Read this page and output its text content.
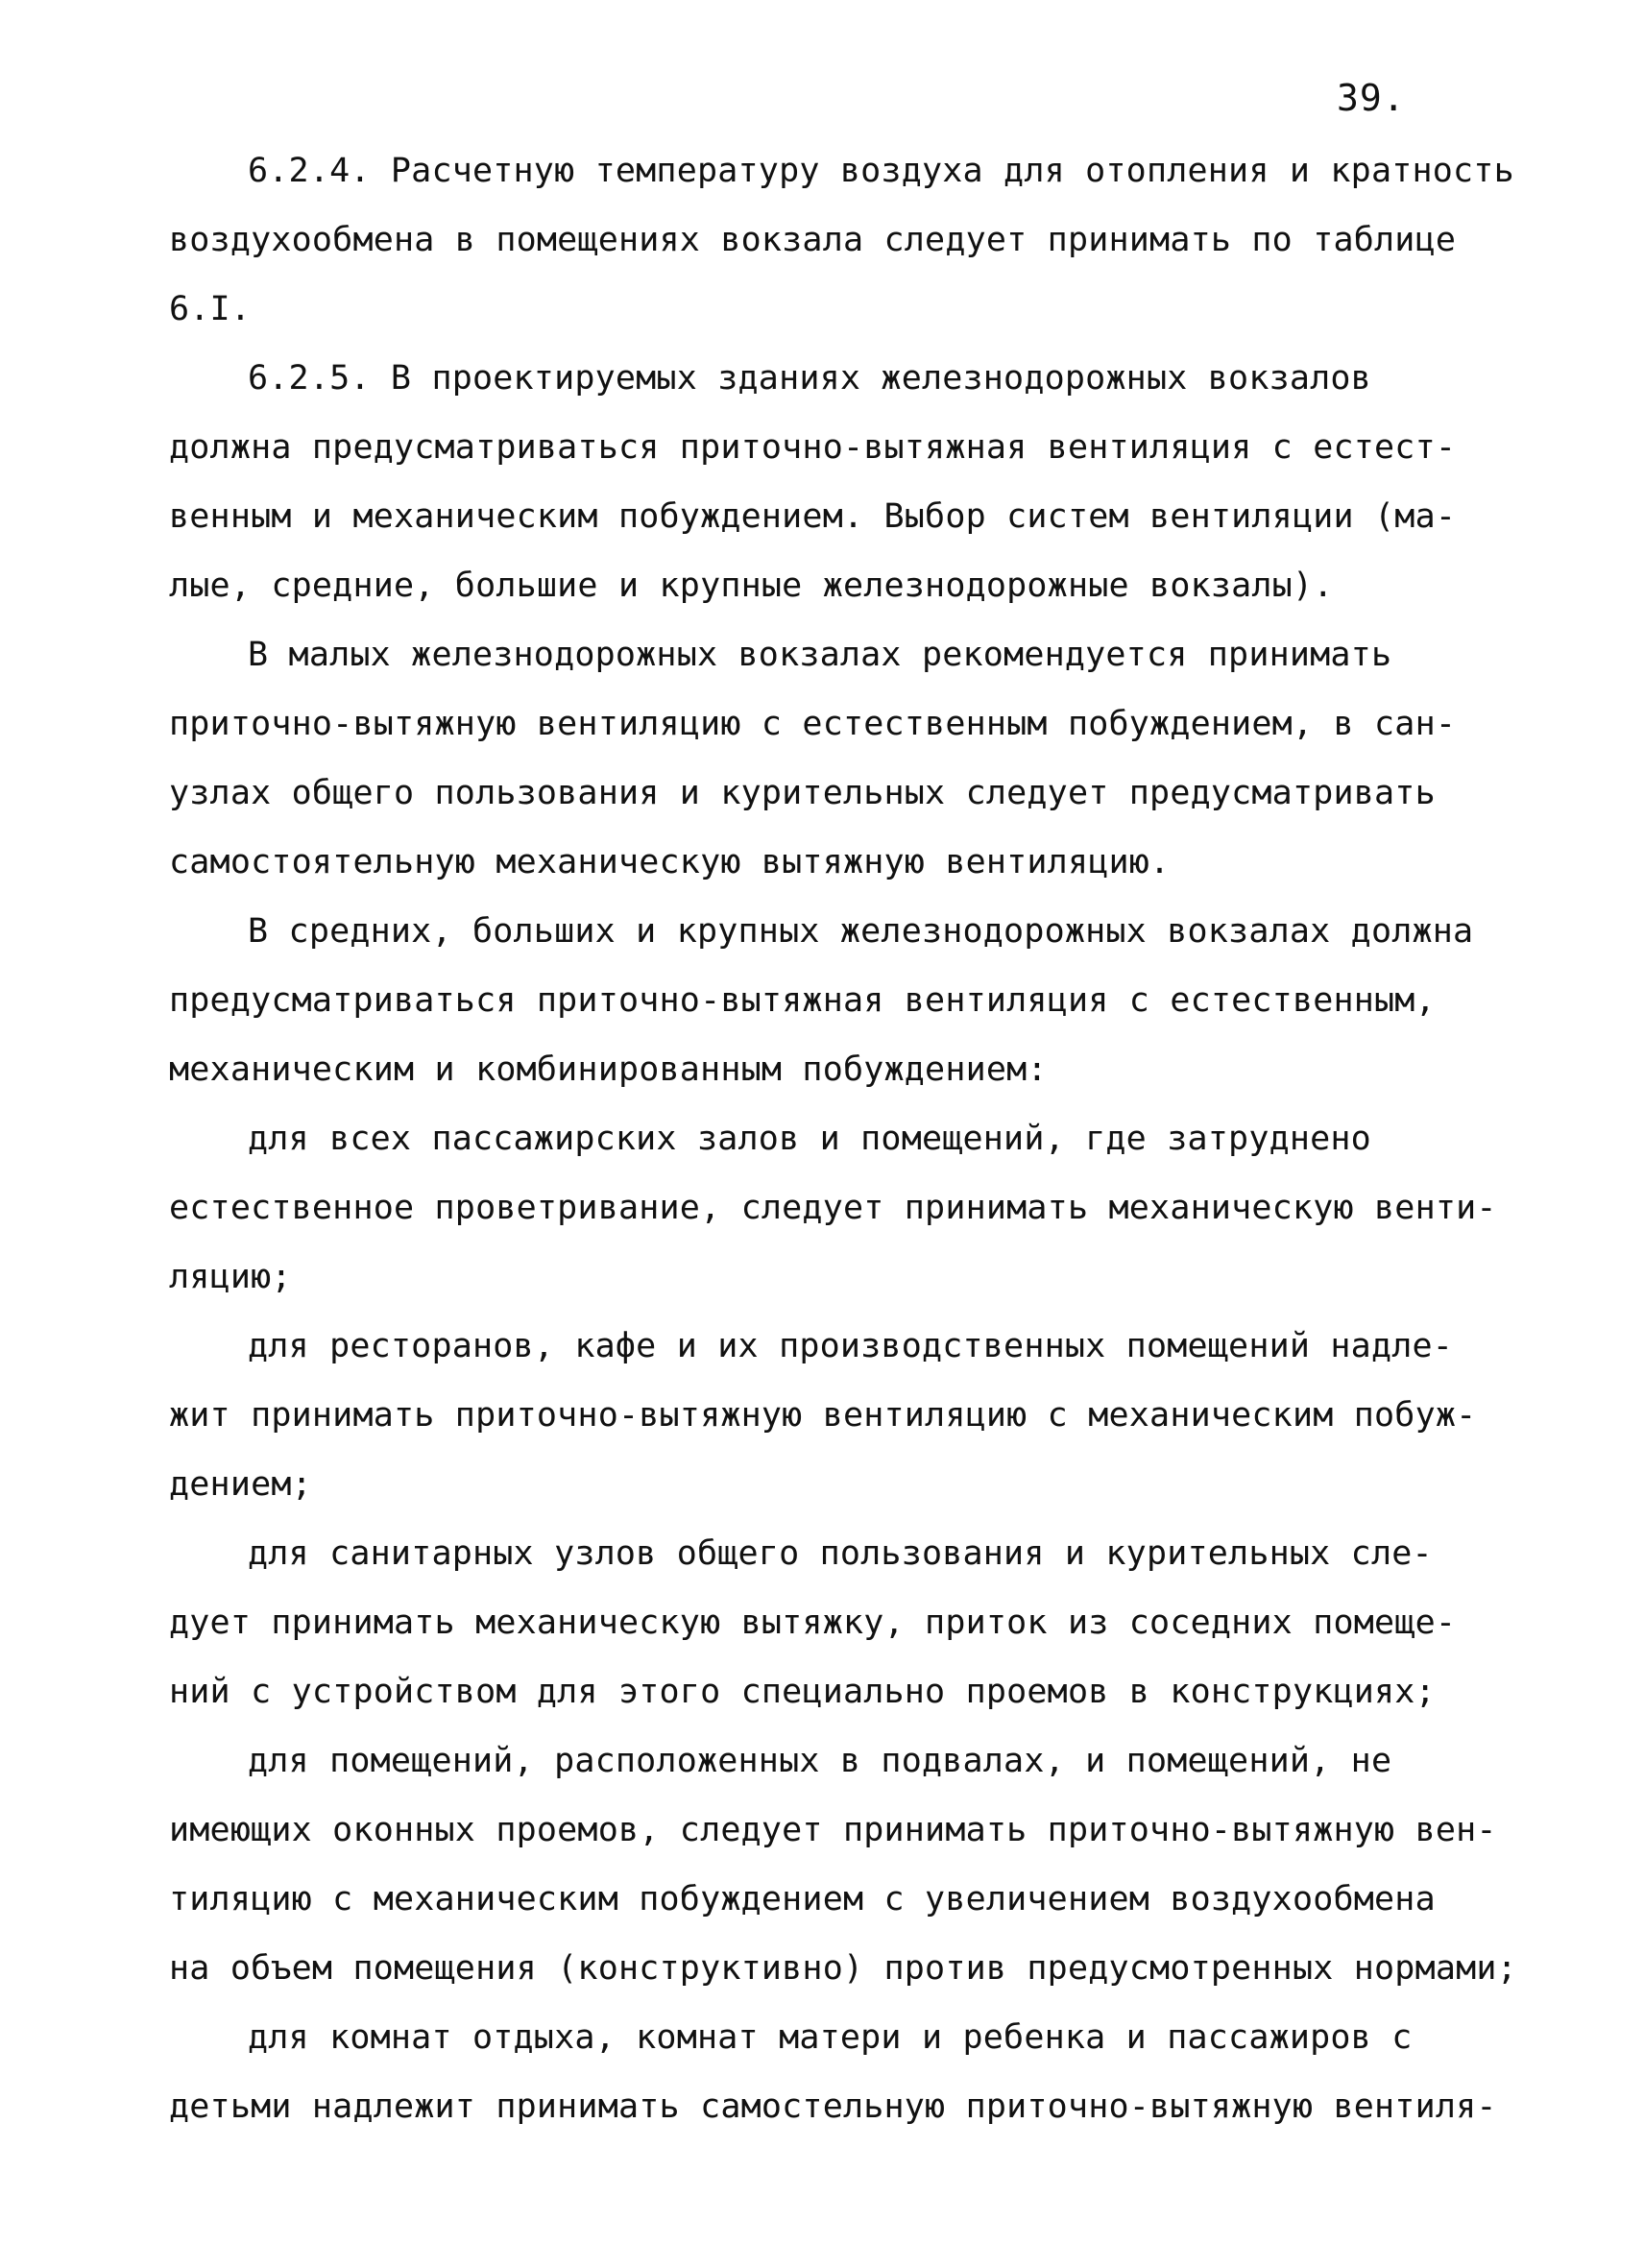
39.
6.2.4. Расчетную температуру воздуха для отопления и кратность
воздухообмена в помещениях вокзала следует принимать по таблице
6.I.
6.2.5. В проектируемых зданиях железнодорожных вокзалов
должна предусматриваться приточно-вытяжная вентиляция с естест-
венным и механическим побуждением. Выбор систем вентиляции (ма-
лые, средние, большие и крупные железнодорожные вокзалы).
В малых железнодорожных вокзалах рекомендуется принимать
приточно-вытяжную вентиляцию с естественным побуждением, в сан-
узлах общего пользования и курительных следует предусматривать
самостоятельную механическую вытяжную вентиляцию.
В средних, больших и крупных железнодорожных вокзалах должна
предусматриваться приточно-вытяжная вентиляция с естественным,
механическим и комбинированным побуждением:
для всех пассажирских залов и помещений, где затруднено
естественное проветривание, следует принимать механическую венти-
ляцию;
для ресторанов, кафе и их производственных помещений надле-
жит принимать приточно-вытяжную вентиляцию с механическим побуж-
дением;
для санитарных узлов общего пользования и курительных сле-
дует принимать механическую вытяжку, приток из соседних помеще-
ний с устройством для этого специально проемов в конструкциях;
для помещений, расположенных в подвалах, и помещений, не
имеющих оконных проемов, следует принимать приточно-вытяжную вен-
тиляцию с механическим побуждением с увеличением воздухообмена
на объем помещения (конструктивно) против предусмотренных нормами;
для комнат отдыха, комнат матери и ребенка и пассажиров с
детьми надлежит принимать самостельную приточно-вытяжную вентиля-
